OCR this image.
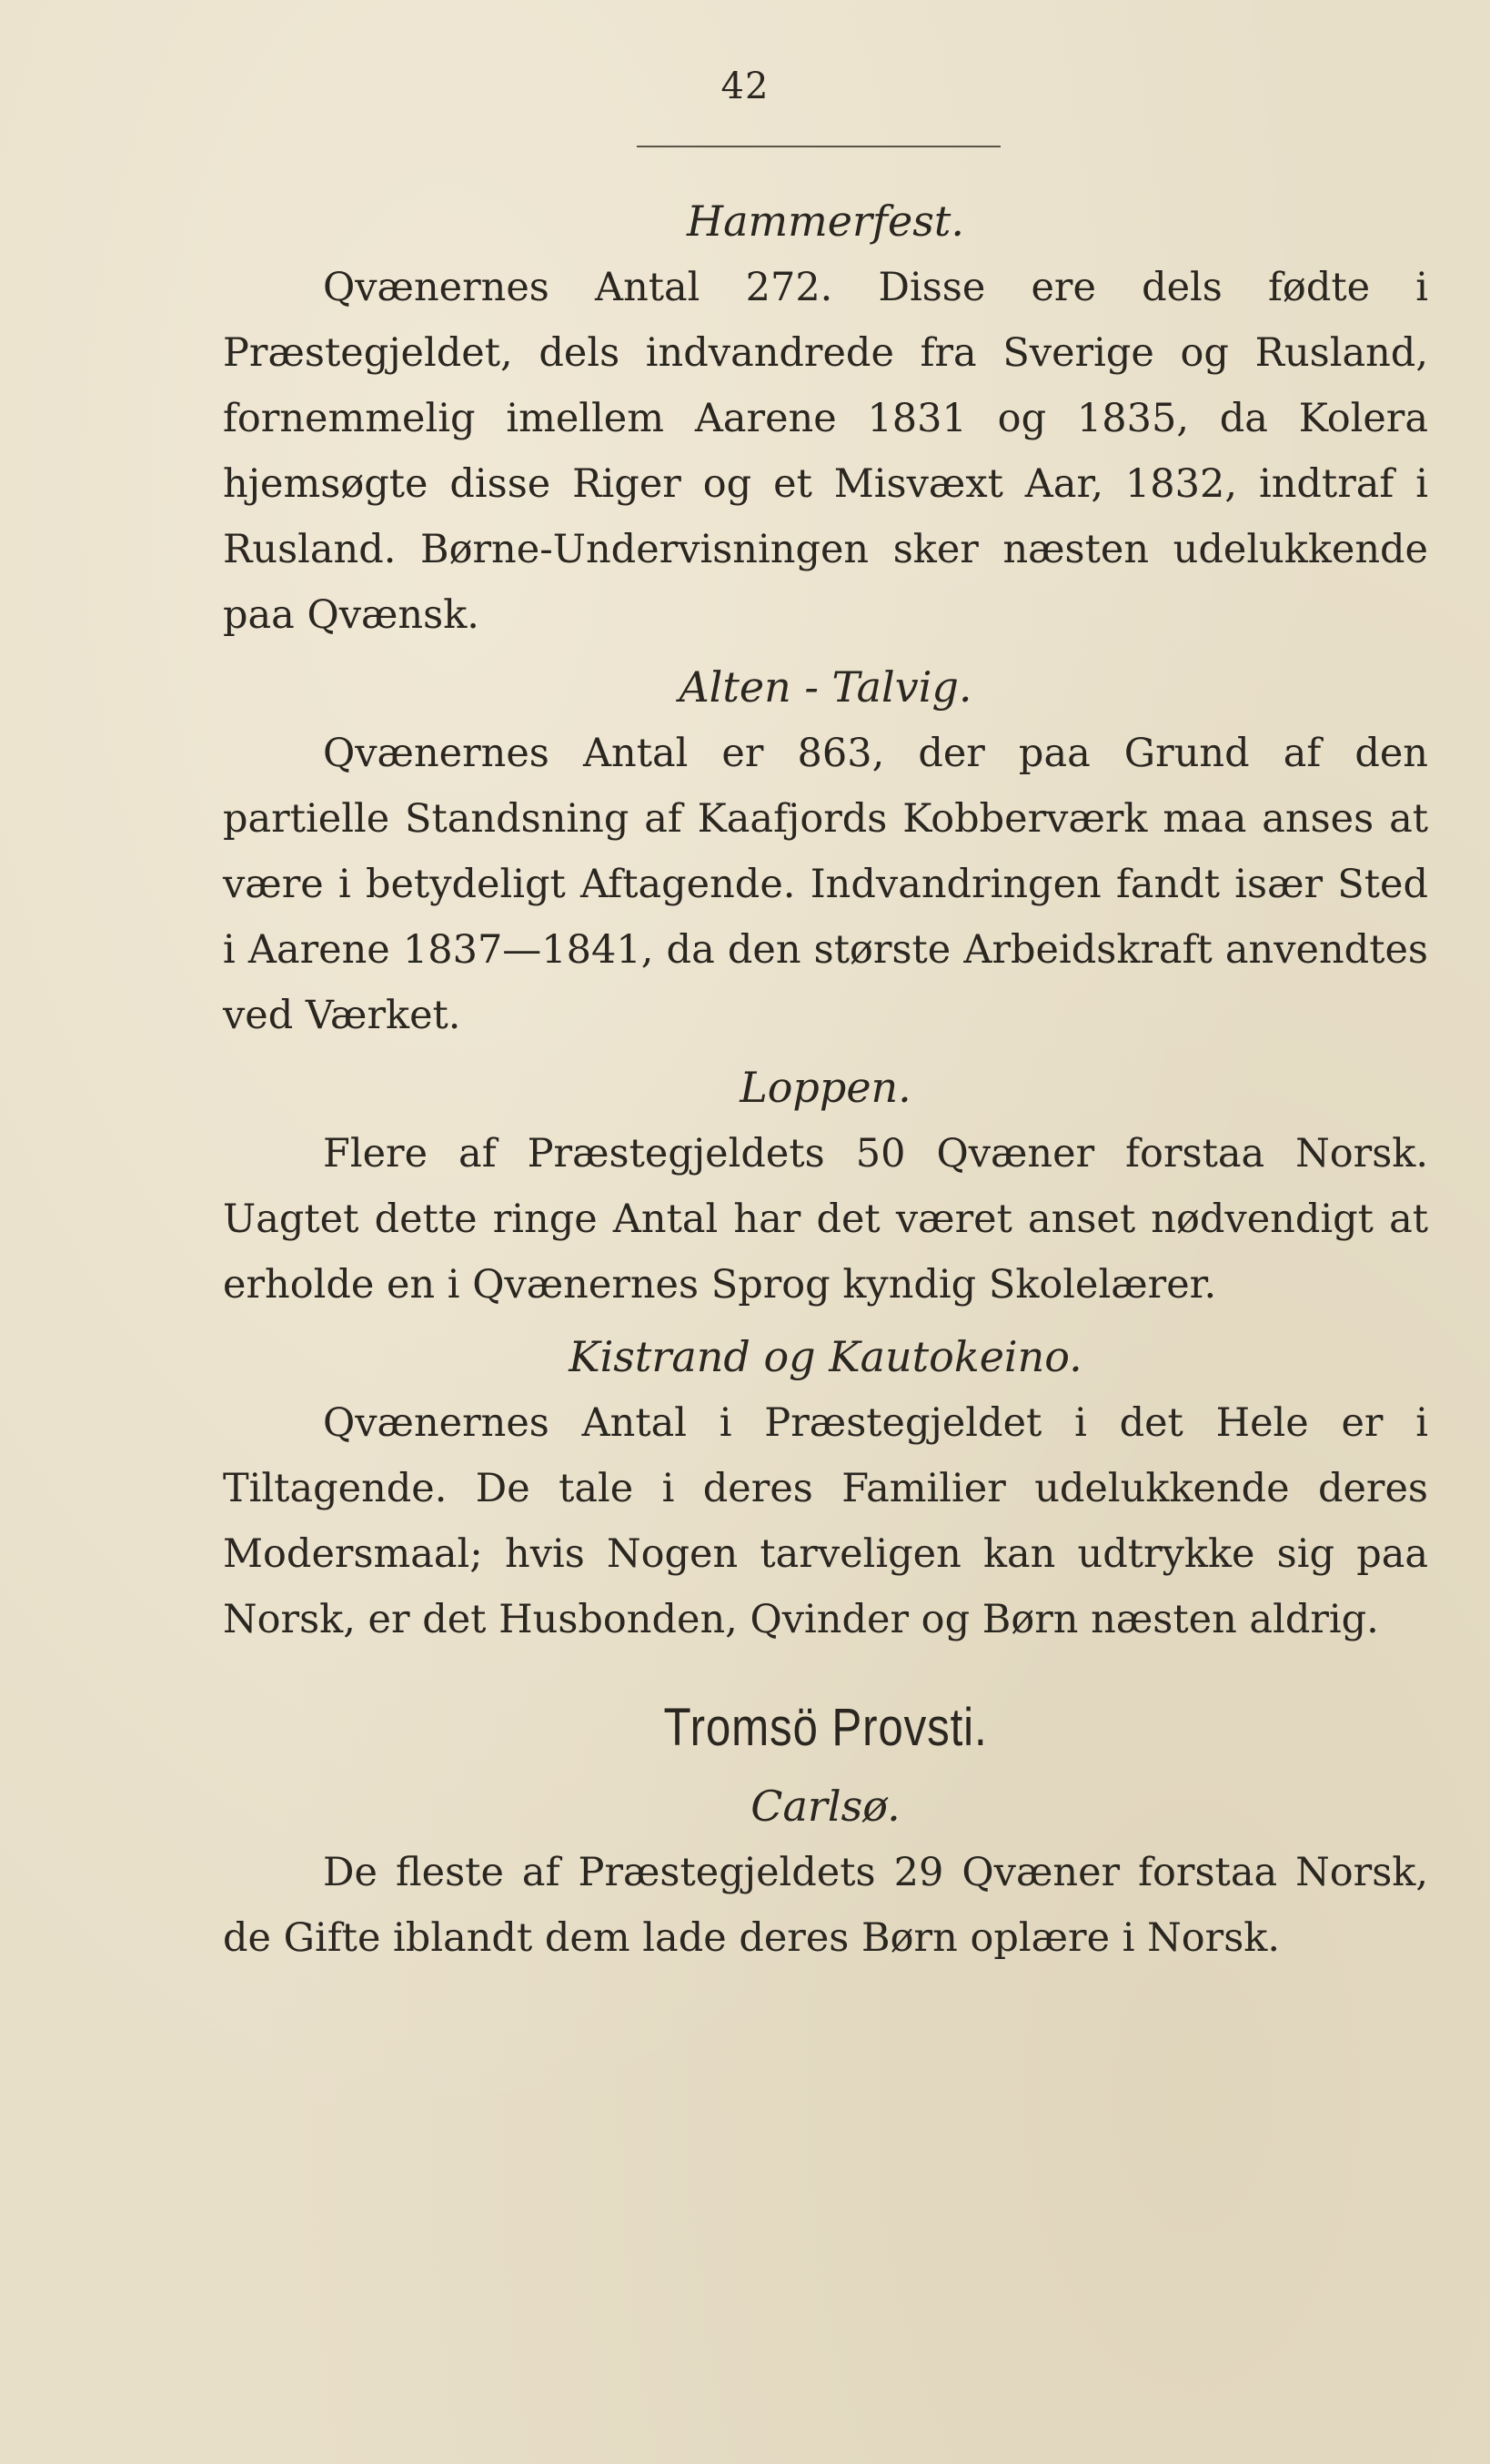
42
Hammerfest.

Qvænernes Antal 272. Disse ere dels fødte i Præstegjeldet, dels indvandrede fra Sverige og Rusland, fornemmelig imellem Aarene 1831 og 1835, da Kolera hjemsøgte disse Riger og et Misvæxt Aar, 1832, indtraf i Rusland. Børne-Undervisningen sker næsten udelukkende paa Qvænsk.

Alten - Talvig.

Qvænernes Antal er 863, der paa Grund af den partielle Standsning af Kaafjords Kobberværk maa anses at være i betydeligt Aftagende. Indvandringen fandt især Sted i Aarene 1837—1841, da den største Arbeidskraft anvendtes ved Værket.

Loppen.

Flere af Præstegjeldets 50 Qvæner forstaa Norsk. Uagtet dette ringe Antal har det været anset nødvendigt at erholde en i Qvænernes Sprog kyndig Skolelærer.

Kistrand og Kautokeino.

Qvænernes Antal i Præstegjeldet i det Hele er i Tiltagende. De tale i deres Familier udelukkende deres Modersmaal; hvis Nogen tarveligen kan udtrykke sig paa Norsk, er det Husbonden, Qvinder og Børn næsten aldrig.

Tromsö Provsti.
Carlsø.

De fleste af Præstegjeldets 29 Qvæner forstaa Norsk, de Gifte iblandt dem lade deres Børn oplære i Norsk.
